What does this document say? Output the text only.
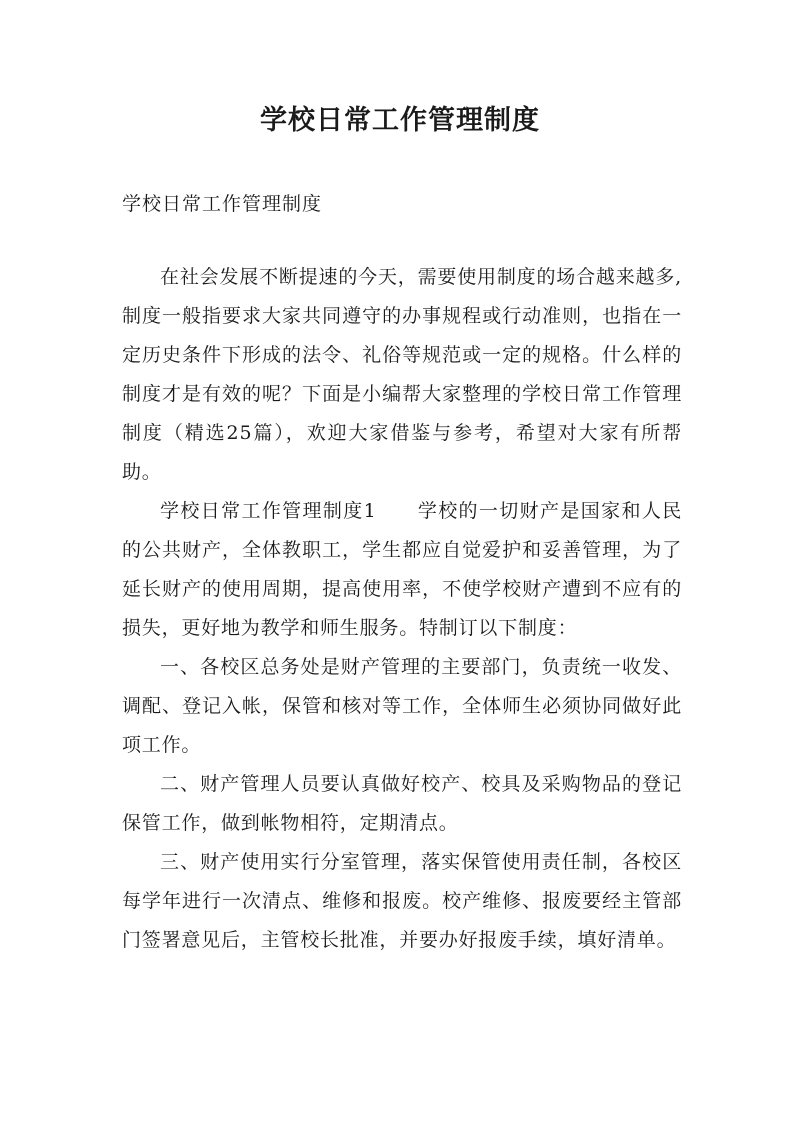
学校日常工作管理制度

学校日常工作管理制度

在社会发展不断提速的今天，需要使用制度的场合越来越多,制度一般指要求大家共同遵守的办事规程或行动准则，也指在一定历史条件下形成的法令、礼俗等规范或一定的规格。什么样的制度才是有效的呢？下面是小编帮大家整理的学校日常工作管理制度（精选25篇），欢迎大家借鉴与参考，希望对大家有所帮助。

学校日常工作管理制度1　　学校的一切财产是国家和人民的公共财产，全体教职工，学生都应自觉爱护和妥善管理，为了延长财产的使用周期，提高使用率，不使学校财产遭到不应有的损失，更好地为教学和师生服务。特制订以下制度：

一、各校区总务处是财产管理的主要部门，负责统一收发、调配、登记入帐，保管和核对等工作，全体师生必须协同做好此项工作。

二、财产管理人员要认真做好校产、校具及采购物品的登记保管工作，做到帐物相符，定期清点。

三、财产使用实行分室管理，落实保管使用责任制，各校区每学年进行一次清点、维修和报废。校产维修、报废要经主管部门签署意见后，主管校长批准，并要办好报废手续，填好清单。
